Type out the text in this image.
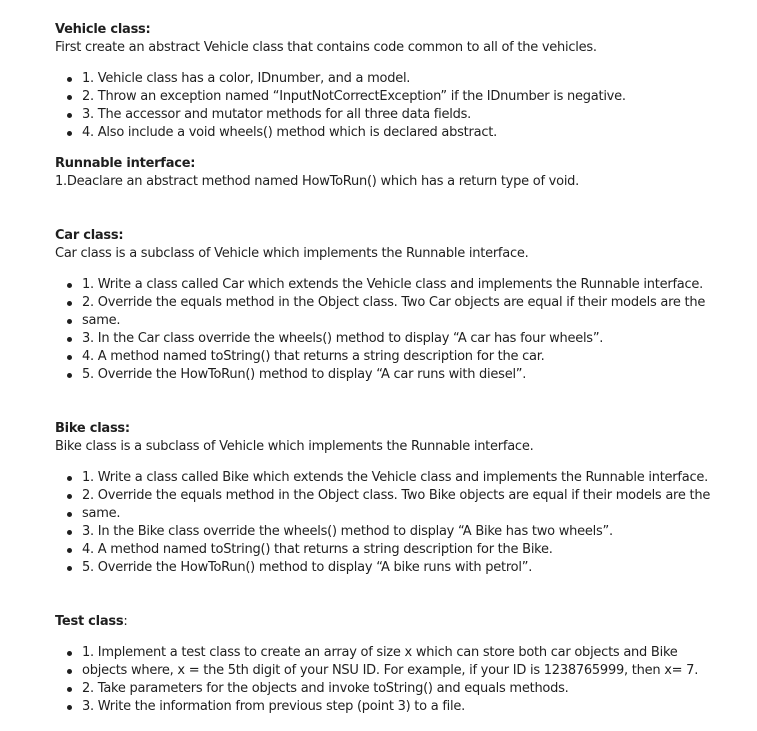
Vehicle class:
First create an abstract Vehicle class that contains code common to all of the vehicles.
1. Vehicle class has a color, IDnumber, and a model.
2. Throw an exception named “InputNotCorrectException” if the IDnumber is negative.
3. The accessor and mutator methods for all three data fields.
4. Also include a void wheels() method which is declared abstract.
Runnable interface:
1.Deaclare an abstract method named HowToRun() which has a return type of void.
Car class:
Car class is a subclass of Vehicle which implements the Runnable interface.
1. Write a class called Car which extends the Vehicle class and implements the Runnable interface.
2. Override the equals method in the Object class. Two Car objects are equal if their models are the
same.
3. In the Car class override the wheels() method to display “A car has four wheels”.
4. A method named toString() that returns a string description for the car.
5. Override the HowToRun() method to display “A car runs with diesel”.
Bike class:
Bike class is a subclass of Vehicle which implements the Runnable interface.
1. Write a class called Bike which extends the Vehicle class and implements the Runnable interface.
2. Override the equals method in the Object class. Two Bike objects are equal if their models are the
same.
3. In the Bike class override the wheels() method to display “A Bike has two wheels”.
4. A method named toString() that returns a string description for the Bike.
5. Override the HowToRun() method to display “A bike runs with petrol”.
Test class:
1. Implement a test class to create an array of size x which can store both car objects and Bike
objects where, x = the 5th digit of your NSU ID. For example, if your ID is 1238765999, then x= 7.
2. Take parameters for the objects and invoke toString() and equals methods.
3. Write the information from previous step (point 3) to a file.
